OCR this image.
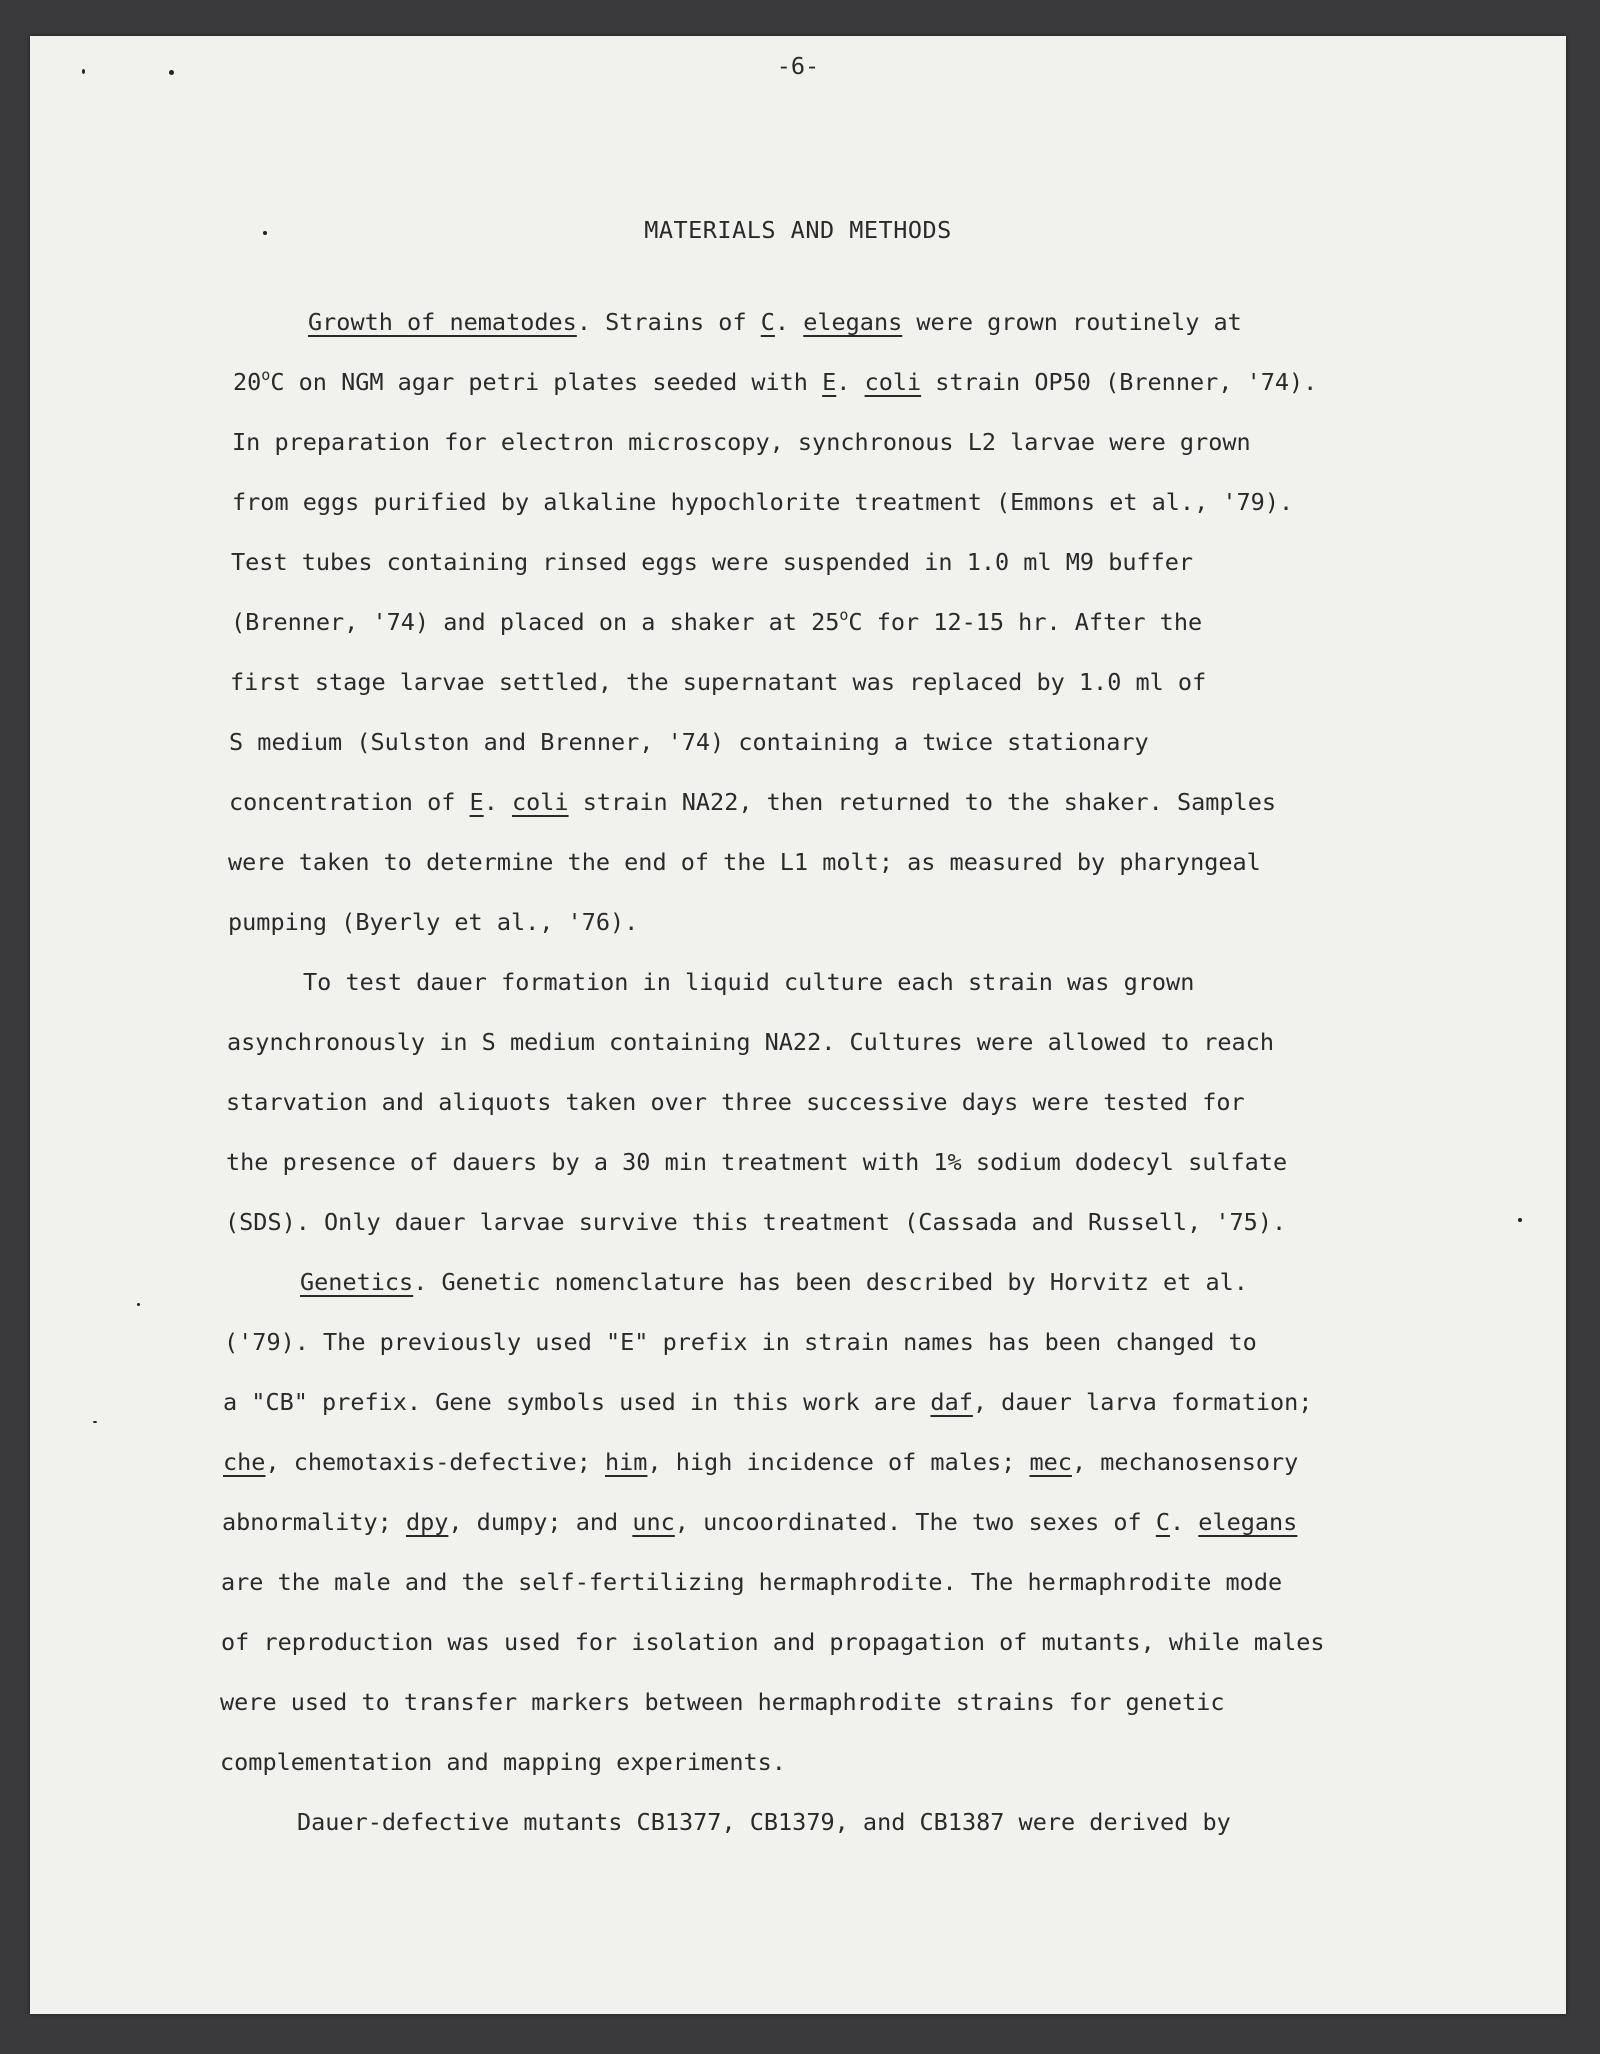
-6-
MATERIALS AND METHODS
Growth of nematodes. Strains of C. elegans were grown routinely at
20$^o$C on NGM agar petri plates seeded with E. coli strain OP50 (Brenner, '74).
In preparation for electron microscopy, synchronous L2 larvae were grown
from eggs purified by alkaline hypochlorite treatment (Emmons et al., '79).
Test tubes containing rinsed eggs were suspended in 1.0 ml M9 buffer
(Brenner, '74) and placed on a shaker at 25$^o$C for 12-15 hr. After the
first stage larvae settled, the supernatant was replaced by 1.0 ml of
S medium (Sulston and Brenner, '74) containing a twice stationary
concentration of E. coli strain NA22, then returned to the shaker. Samples
were taken to determine the end of the L1 molt; as measured by pharyngeal
pumping (Byerly et al., '76).
To test dauer formation in liquid culture each strain was grown
asynchronously in S medium containing NA22. Cultures were allowed to reach
starvation and aliquots taken over three successive days were tested for
the presence of dauers by a 30 min treatment with 1% sodium dodecyl sulfate
(SDS). Only dauer larvae survive this treatment (Cassada and Russell, '75).
Genetics. Genetic nomenclature has been described by Horvitz et al.
('79). The previously used "E" prefix in strain names has been changed to
a "CB" prefix. Gene symbols used in this work are daf, dauer larva formation;
che, chemotaxis-defective; him, high incidence of males; mec, mechanosensory
abnormality; dpy, dumpy; and unc, uncoordinated. The two sexes of C. elegans
are the male and the self-fertilizing hermaphrodite. The hermaphrodite mode
of reproduction was used for isolation and propagation of mutants, while males
were used to transfer markers between hermaphrodite strains for genetic
complementation and mapping experiments.
Dauer-defective mutants CB1377, CB1379, and CB1387 were derived by
